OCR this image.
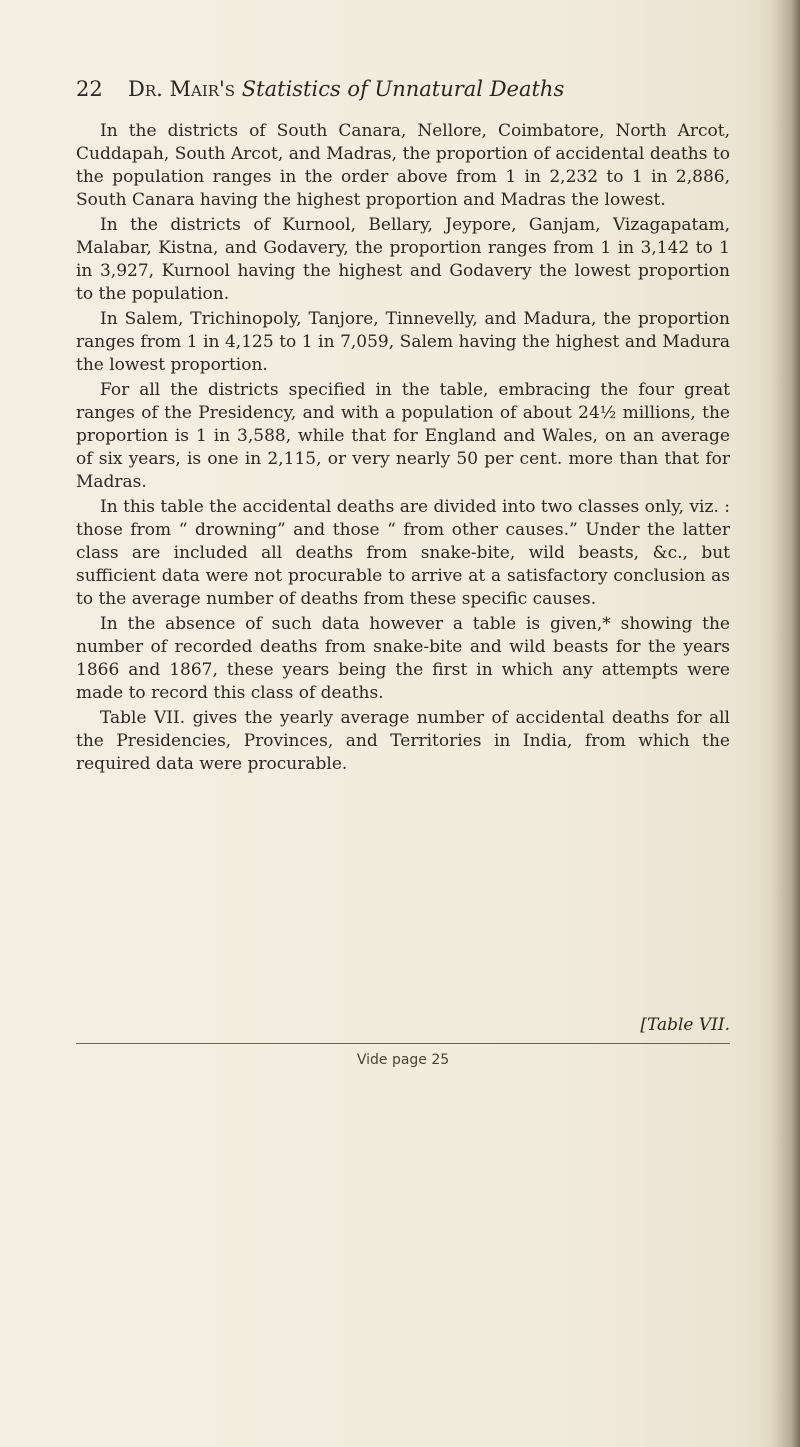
22 Dr. Mair's Statistics of Unnatural Deaths

In the districts of South Canara, Nellore, Coimbatore, North Arcot, Cuddapah, South Arcot, and Madras, the proportion of accidental deaths to the population ranges in the order above from 1 in 2,232 to 1 in 2,886, South Canara having the highest proportion and Madras the lowest.

In the districts of Kurnool, Bellary, Jeypore, Ganjam, Vizagapatam, Malabar, Kistna, and Godavery, the proportion ranges from 1 in 3,142 to 1 in 3,927, Kurnool having the highest and Godavery the lowest proportion to the population.

In Salem, Trichinopoly, Tanjore, Tinnevelly, and Madura, the proportion ranges from 1 in 4,125 to 1 in 7,059, Salem having the highest and Madura the lowest proportion.

For all the districts specified in the table, embracing the four great ranges of the Presidency, and with a population of about 24½ millions, the proportion is 1 in 3,588, while that for England and Wales, on an average of six years, is one in 2,115, or very nearly 50 per cent. more than that for Madras.

In this table the accidental deaths are divided into two classes only, viz. : those from “ drowning” and those “ from other causes.” Under the latter class are included all deaths from snake-bite, wild beasts, &c., but sufficient data were not procurable to arrive at a satisfactory conclusion as to the average number of deaths from these specific causes.

In the absence of such data however a table is given,* showing the number of recorded deaths from snake-bite and wild beasts for the years 1866 and 1867, these years being the first in which any attempts were made to record this class of deaths.

Table VII. gives the yearly average number of accidental deaths for all the Presidencies, Provinces, and Territories in India, from which the required data were procurable.

[Table VII.
Vide page 25
